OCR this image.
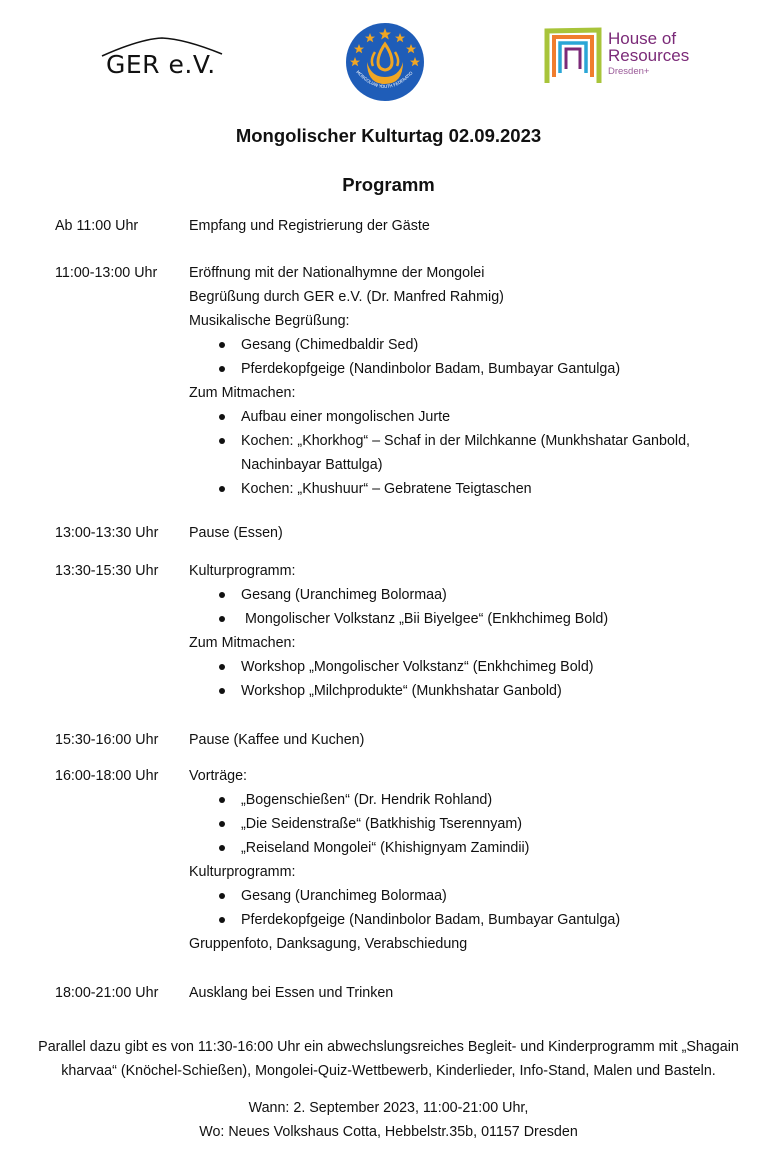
GER e.V.	MONGOLIAN YOUTH FEDERATIO
House of
Resources
Dresden+
Mongolischer Kulturtag 02.09.2023
Programm
Ab 11:00 Uhr	Empfang und Registrierung der Gäste
11:00-13:00 Uhr Eröffnung mit der Nationalhymne der Mongolei
Begrüßung durch GER e.V. (Dr. Manfred Rahmig)
Musikalische Begrüßung:
Gesang (Chimedbaldir Sed)
Pferdekopfgeige (Nandinbolor Badam, Bumbayar Gantulga)
Zum Mitmachen:
Aufbau einer mongolischen Jurte
Kochen: „Khorkhog“ – Schaf in der Milchkanne (Munkhshatar Ganbold,
Nachinbayar Battulga)
Kochen: „Khushuur“ – Gebratene Teigtaschen
13:00-13:30 Uhr Pause (Essen)
13:30-15:30 Uhr Kulturprogramm:
Gesang (Uranchimeg Bolormaa)
Mongolischer Volkstanz „Bii Biyelgee“ (Enkhchimeg Bold)
Zum Mitmachen:
Workshop „Mongolischer Volkstanz“ (Enkhchimeg Bold)
Workshop „Milchprodukte“ (Munkhshatar Ganbold)
15:30-16:00 Uhr Pause (Kaffee und Kuchen)
16:00-18:00 Uhr Vorträge:
„Bogenschießen“ (Dr. Hendrik Rohland)
„Die Seidenstraße“ (Batkhishig Tserennyam)
„Reiseland Mongolei“ (Khishignyam Zamindii)
Kulturprogramm:
Gesang (Uranchimeg Bolormaa)
Pferdekopfgeige (Nandinbolor Badam, Bumbayar Gantulga)
Gruppenfoto, Danksagung, Verabschiedung
18:00-21:00 Uhr Ausklang bei Essen und Trinken
Parallel dazu gibt es von 11:30-16:00 Uhr ein abwechslungsreiches Begleit- und Kinderprogramm mit „Shagain
kharvaa“ (Knöchel-Schießen), Mongolei-Quiz-Wettbewerb, Kinderlieder, Info-Stand, Malen und Basteln.
Wann: 2. September 2023, 11:00-21:00 Uhr,
Wo: Neues Volkshaus Cotta, Hebbelstr.35b, 01157 Dresden
